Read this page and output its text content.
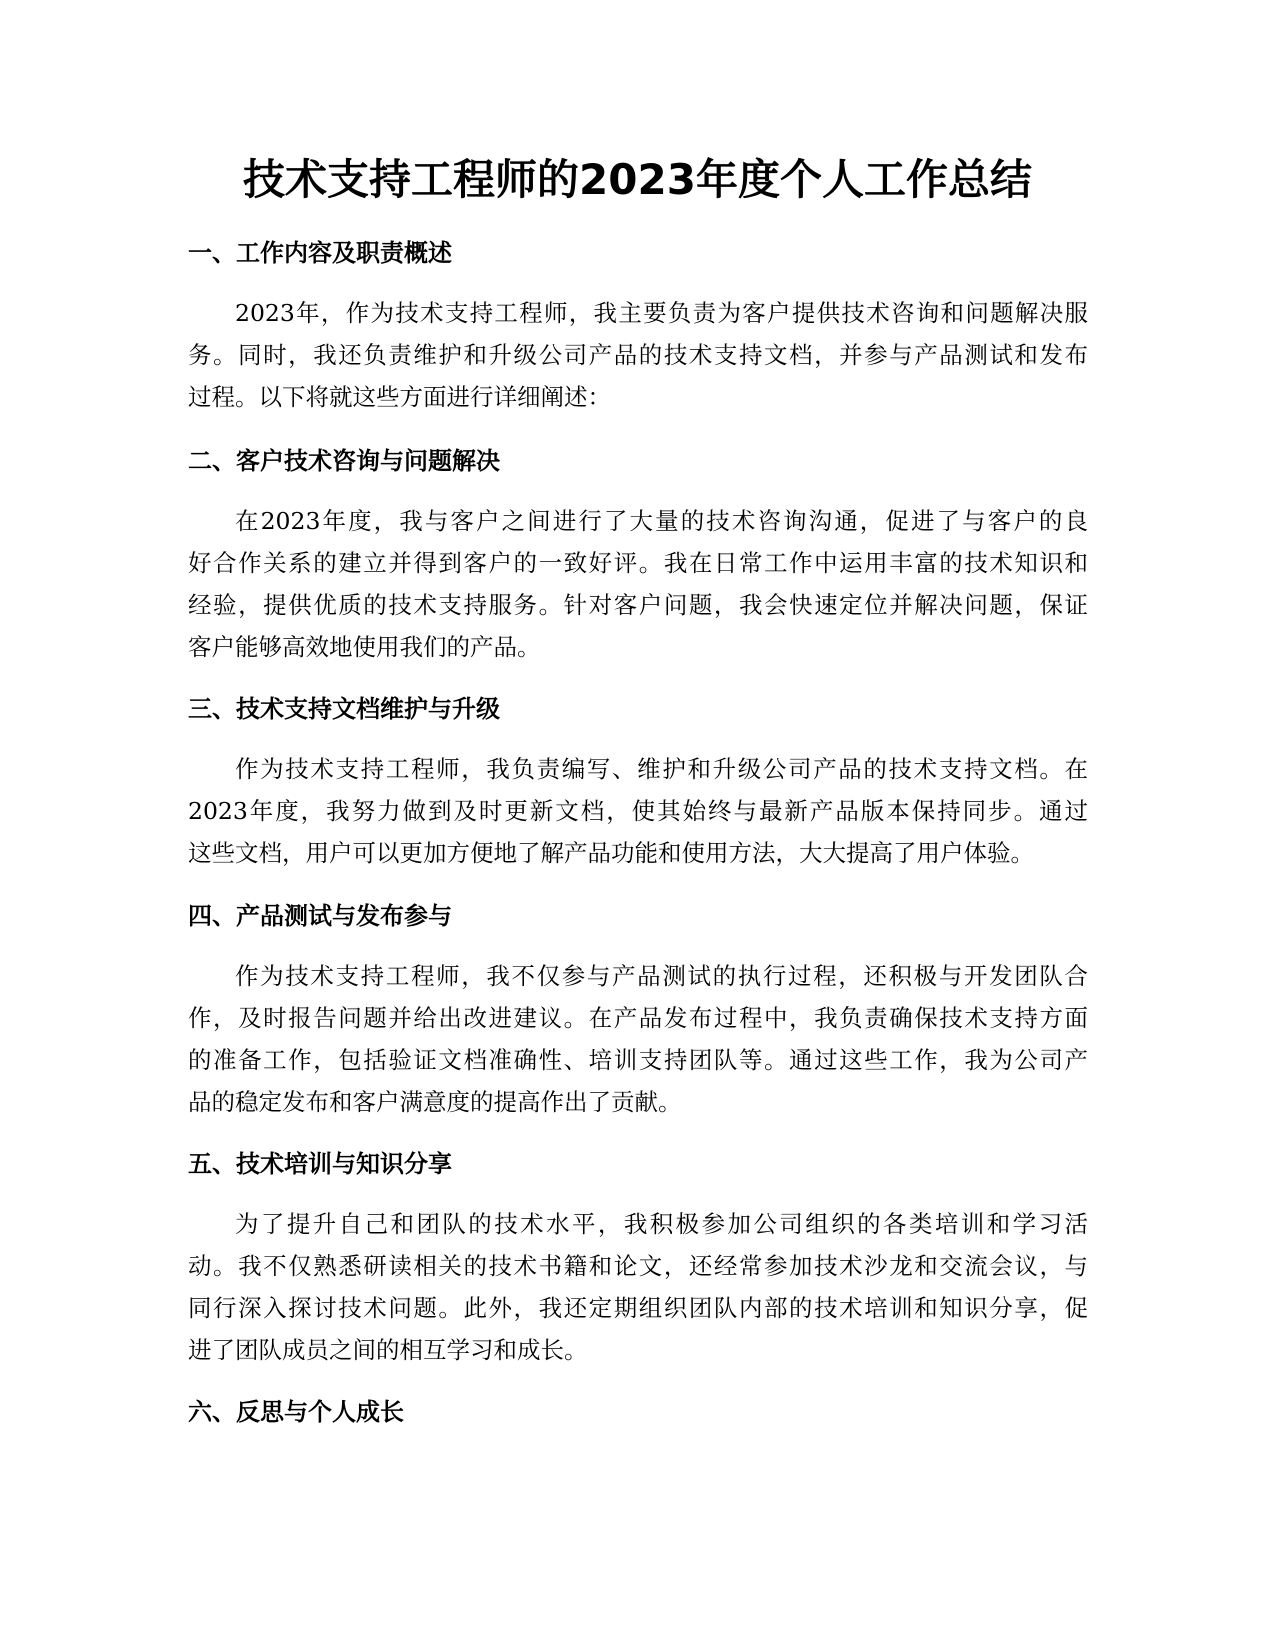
技术支持工程师的2023年度个人工作总结
一、工作内容及职责概述
2023年，作为技术支持工程师，我主要负责为客户提供技术咨询和问题解决服
务。同时，我还负责维护和升级公司产品的技术支持文档，并参与产品测试和发布
过程。以下将就这些方面进行详细阐述：
二、客户技术咨询与问题解决
在2023年度，我与客户之间进行了大量的技术咨询沟通，促进了与客户的良
好合作关系的建立并得到客户的一致好评。我在日常工作中运用丰富的技术知识和
经验，提供优质的技术支持服务。针对客户问题，我会快速定位并解决问题，保证
客户能够高效地使用我们的产品。
三、技术支持文档维护与升级
作为技术支持工程师，我负责编写、维护和升级公司产品的技术支持文档。在
2023年度，我努力做到及时更新文档，使其始终与最新产品版本保持同步。通过
这些文档，用户可以更加方便地了解产品功能和使用方法，大大提高了用户体验。
四、产品测试与发布参与
作为技术支持工程师，我不仅参与产品测试的执行过程，还积极与开发团队合
作，及时报告问题并给出改进建议。在产品发布过程中，我负责确保技术支持方面
的准备工作，包括验证文档准确性、培训支持团队等。通过这些工作，我为公司产
品的稳定发布和客户满意度的提高作出了贡献。
五、技术培训与知识分享
为了提升自己和团队的技术水平，我积极参加公司组织的各类培训和学习活
动。我不仅熟悉研读相关的技术书籍和论文，还经常参加技术沙龙和交流会议，与
同行深入探讨技术问题。此外，我还定期组织团队内部的技术培训和知识分享，促
进了团队成员之间的相互学习和成长。
六、反思与个人成长
